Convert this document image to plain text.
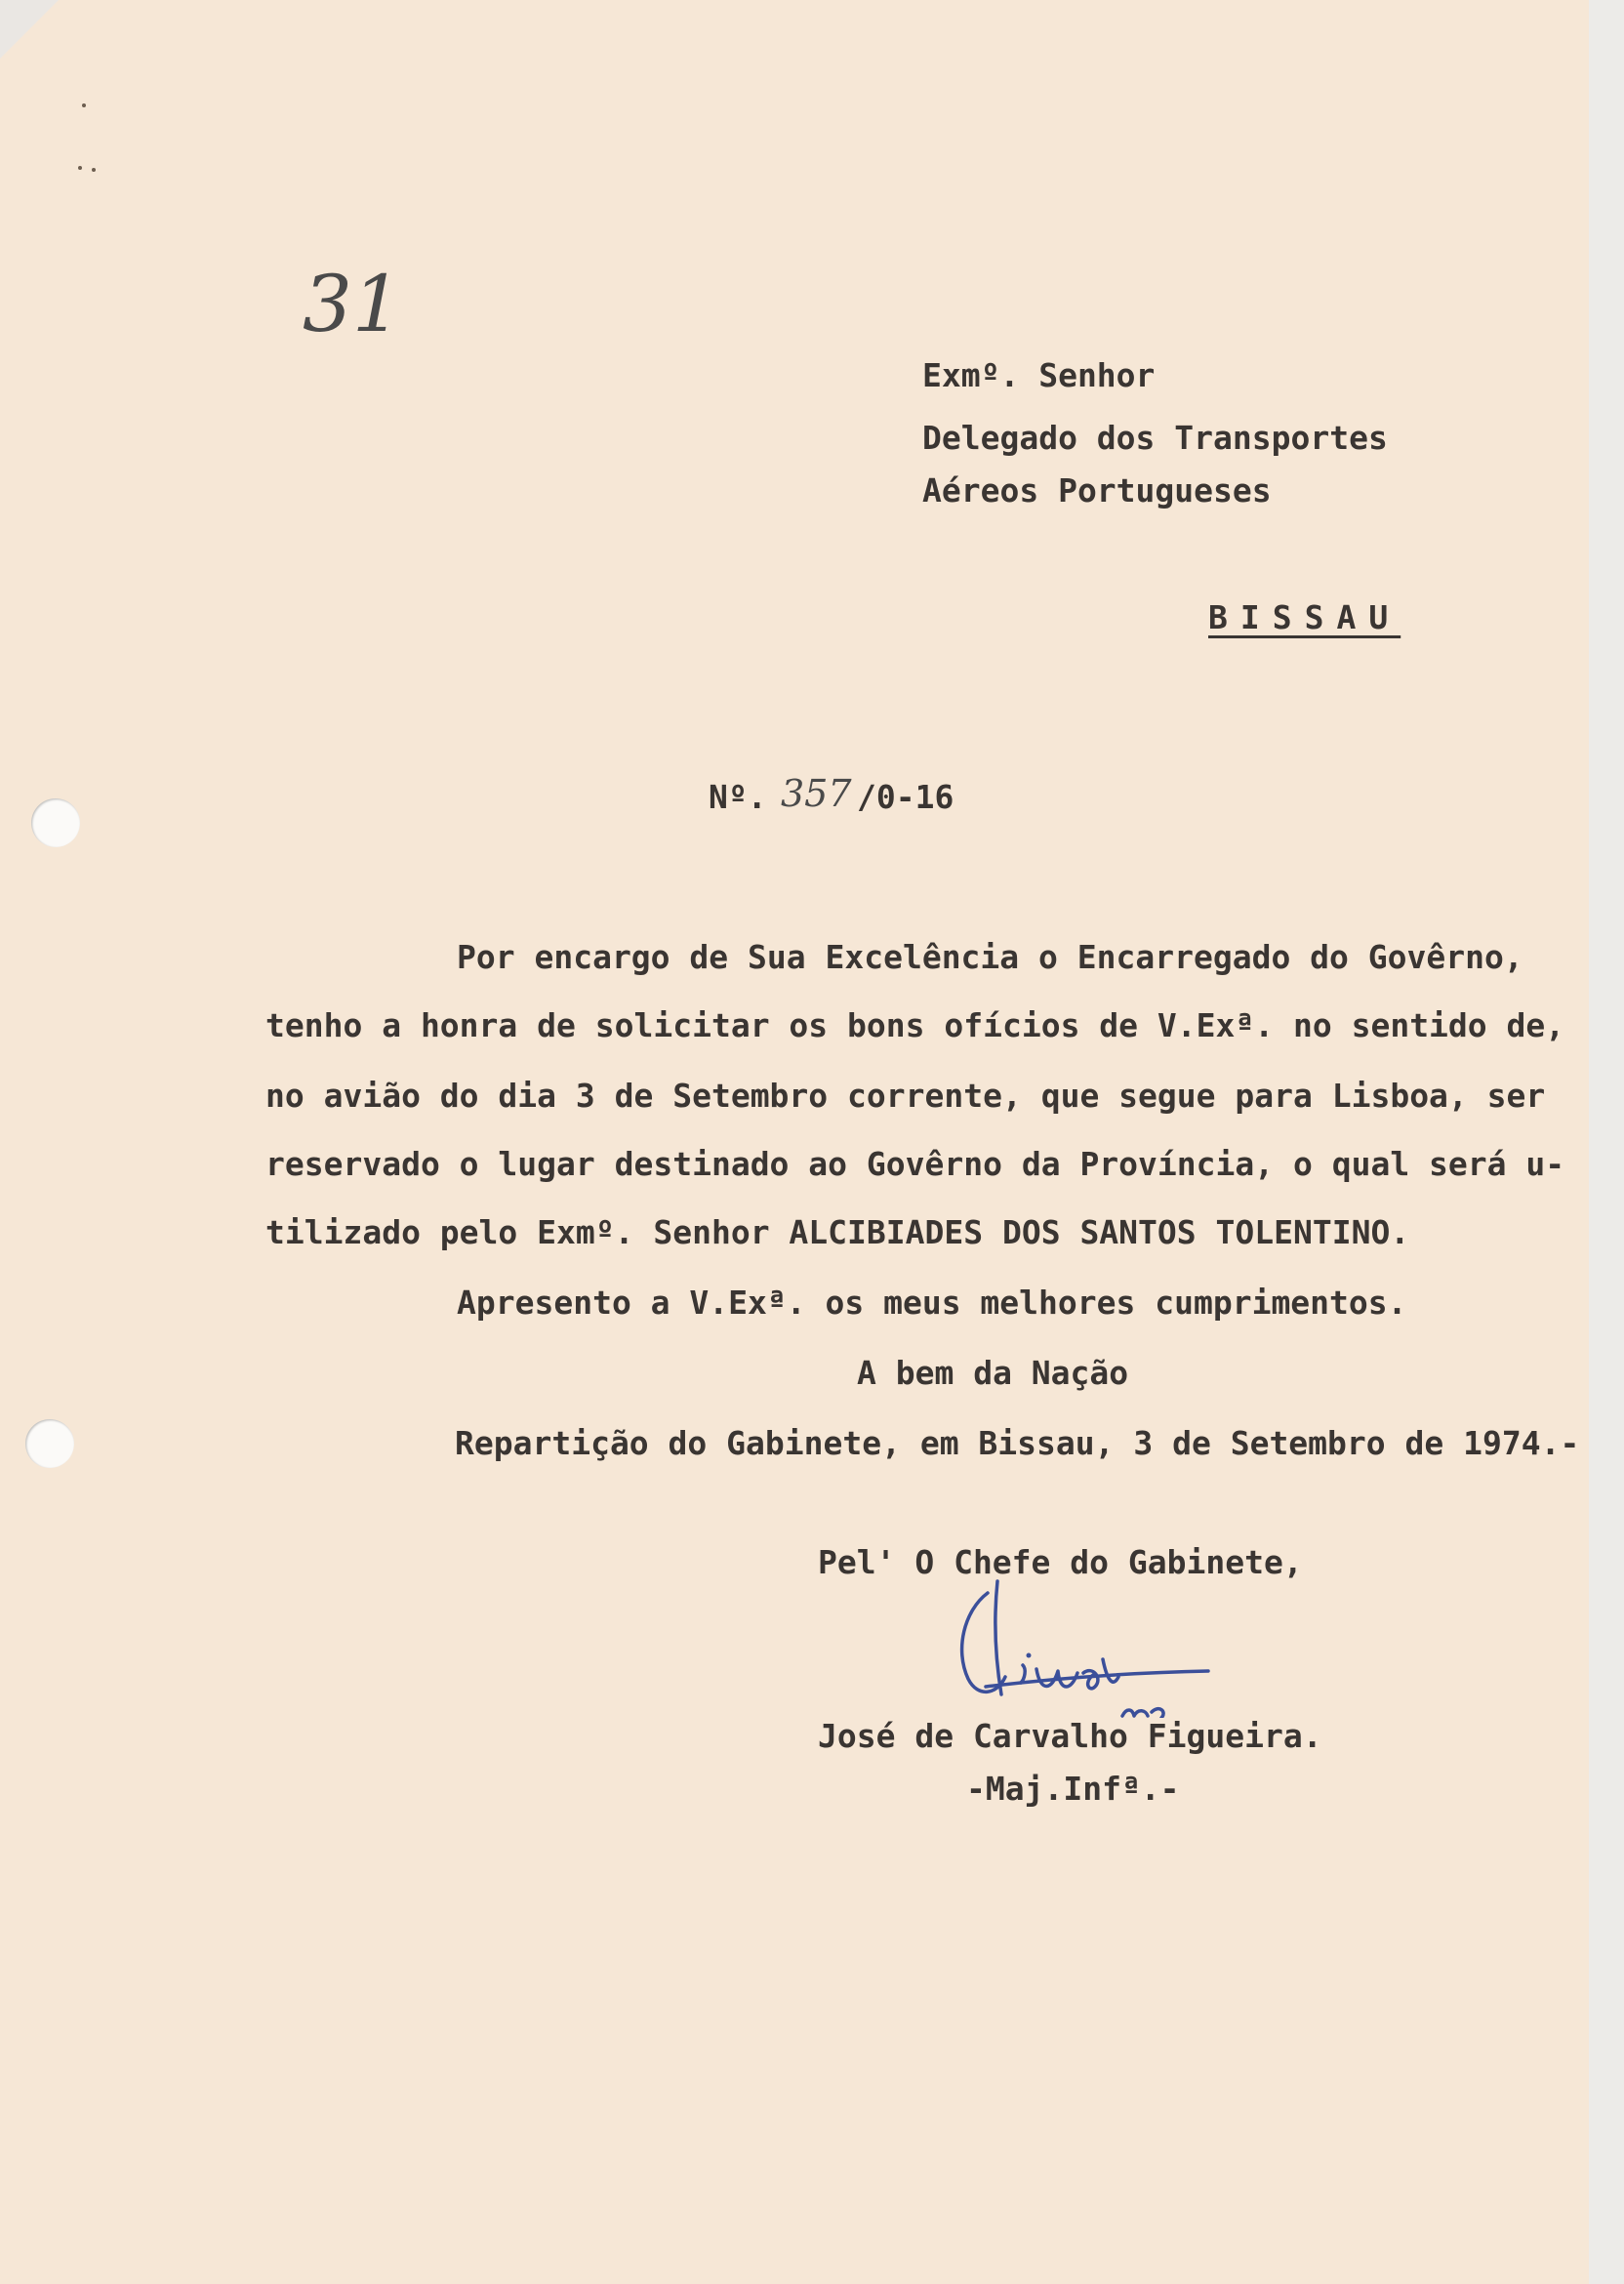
31
Exmº. Senhor
Delegado dos Transportes
Aéreos Portugueses
BISSAU
Nº. 357 /0-16
Por encargo de Sua Excelência o Encarregado do Govêrno,
tenho a honra de solicitar os bons ofícios de V.Exª. no sentido de,
no avião do dia 3 de Setembro corrente, que segue para Lisboa, ser
reservado o lugar destinado ao Govêrno da Província, o qual será u-
tilizado pelo Exmº. Senhor ALCIBIADES DOS SANTOS TOLENTINO.
Apresento a V.Exª. os meus melhores cumprimentos.
A bem da Nação
Repartição do Gabinete, em Bissau, 3 de Setembro de 1974.-
Pel' O Chefe do Gabinete,
José de Carvalho Figueira.
-Maj.Infª.-
